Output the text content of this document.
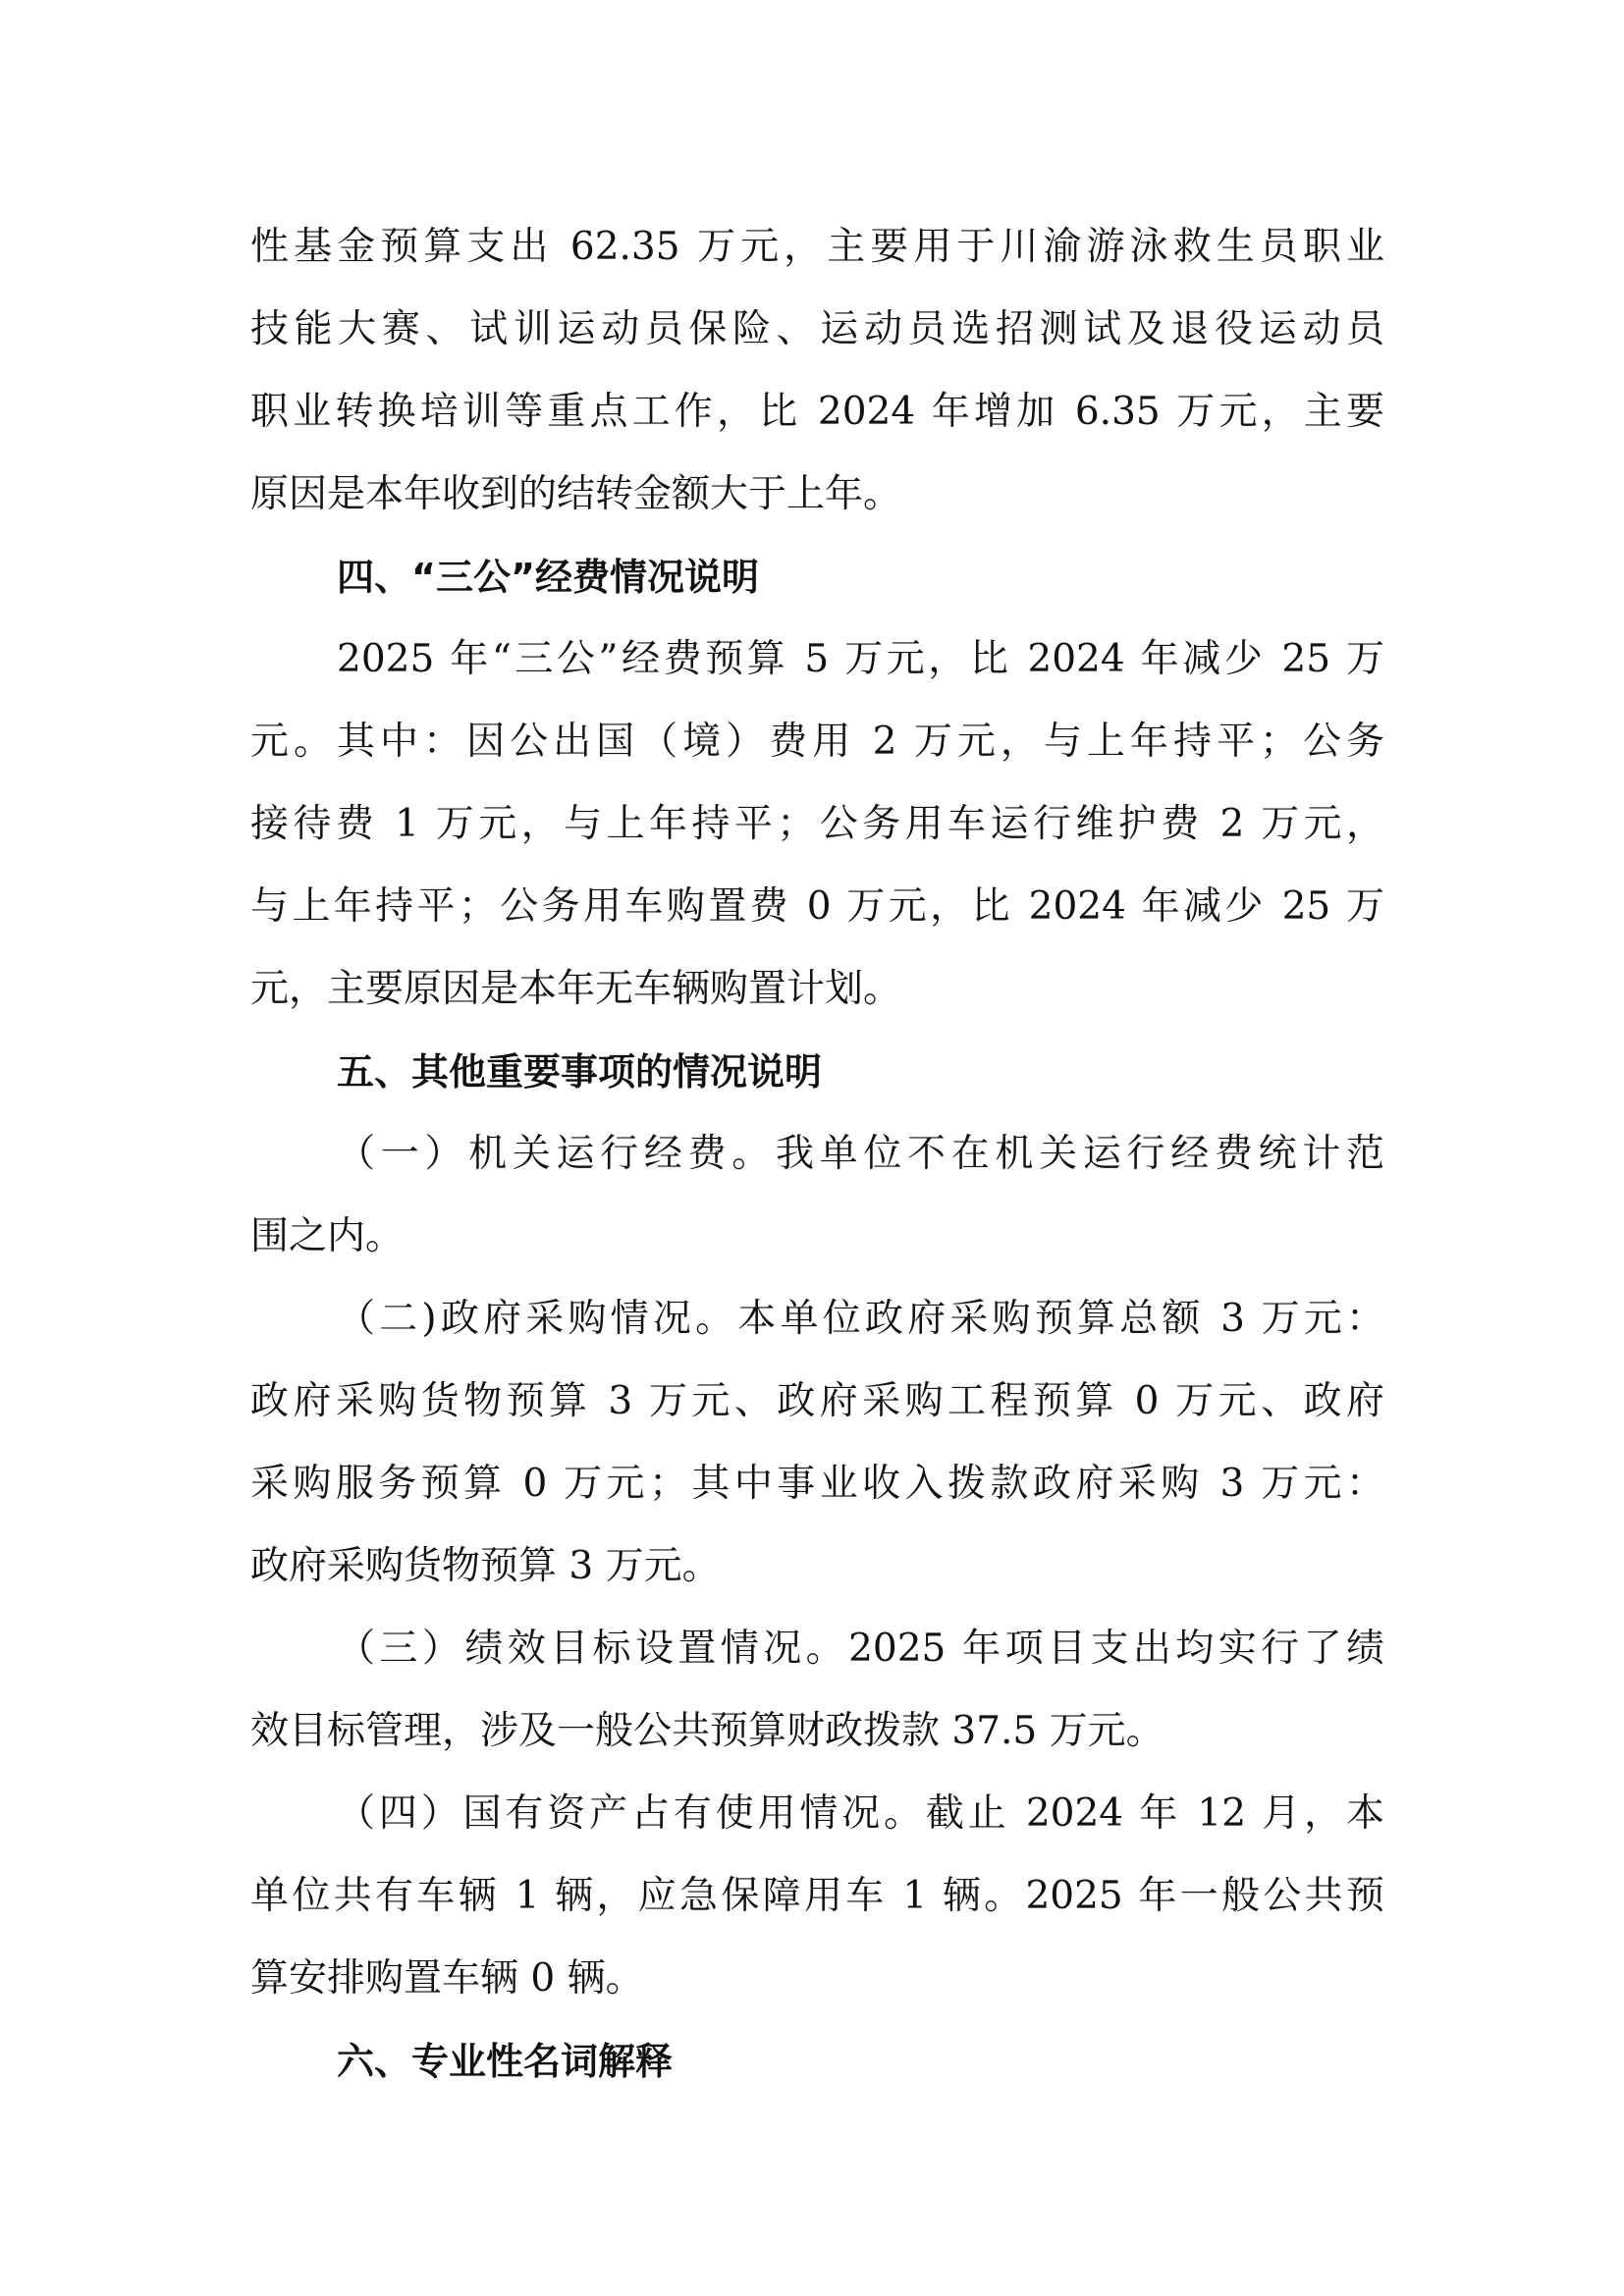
性基金预算支出 62.35 万元，主要用于川渝游泳救生员职业
技能大赛、试训运动员保险、运动员选招测试及退役运动员
职业转换培训等重点工作，比 2024 年增加 6.35 万元，主要
原因是本年收到的结转金额大于上年。
四、“三公”经费情况说明
2025 年“三公”经费预算 5 万元，比 2024 年减少 25 万
元。其中：因公出国（境）费用 2 万元，与上年持平；公务
接待费 1 万元，与上年持平；公务用车运行维护费 2 万元，
与上年持平；公务用车购置费 0 万元，比 2024 年减少 25 万
元，主要原因是本年无车辆购置计划。
五、其他重要事项的情况说明
（一）机关运行经费。我单位不在机关运行经费统计范
围之内。
（二)政府采购情况。本单位政府采购预算总额 3 万元：
政府采购货物预算 3 万元、政府采购工程预算 0 万元、政府
采购服务预算 0 万元；其中事业收入拨款政府采购 3 万元：
政府采购货物预算 3 万元。
（三）绩效目标设置情况。2025 年项目支出均实行了绩
效目标管理，涉及一般公共预算财政拨款 37.5 万元。
（四）国有资产占有使用情况。截止 2024 年 12 月，本
单位共有车辆 1 辆，应急保障用车 1 辆。2025 年一般公共预
算安排购置车辆 0 辆。
六、专业性名词解释
